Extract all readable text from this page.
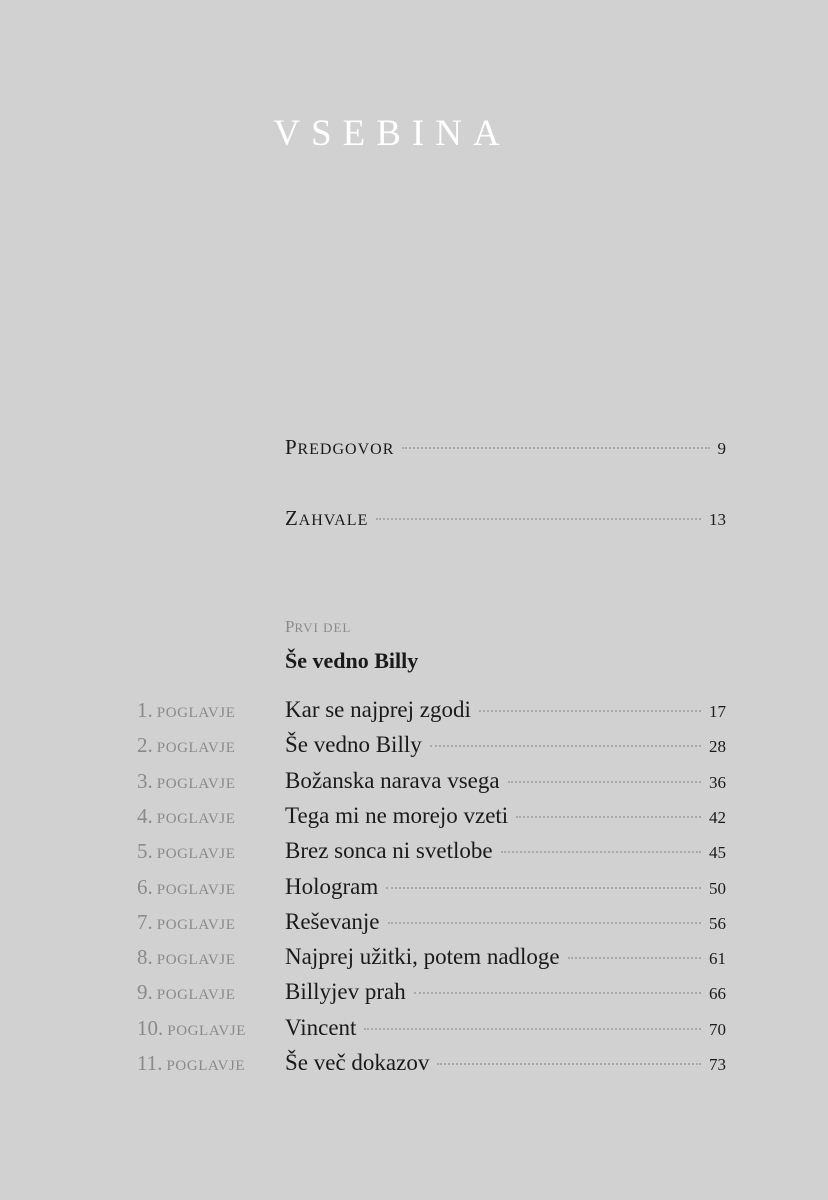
VSEBINA
PREDGOVOR	9
ZAHVALE	13
PRVI DEL
Še vedno Billy
1. POGLAVJE	Kar se najprej zgodi	17
2. POGLAVJE	Še vedno Billy	28
3. POGLAVJE	Božanska narava vsega	36
4. POGLAVJE	Tega mi ne morejo vzeti	42
5. POGLAVJE	Brez sonca ni svetlobe	45
6. POGLAVJE	Hologram	50
7. POGLAVJE	Reševanje	56
8. POGLAVJE	Najprej užitki, potem nadloge	61
9. POGLAVJE	Billyjev prah	66
10. POGLAVJE	Vincent	70
11. POGLAVJE	Še več dokazov	73
